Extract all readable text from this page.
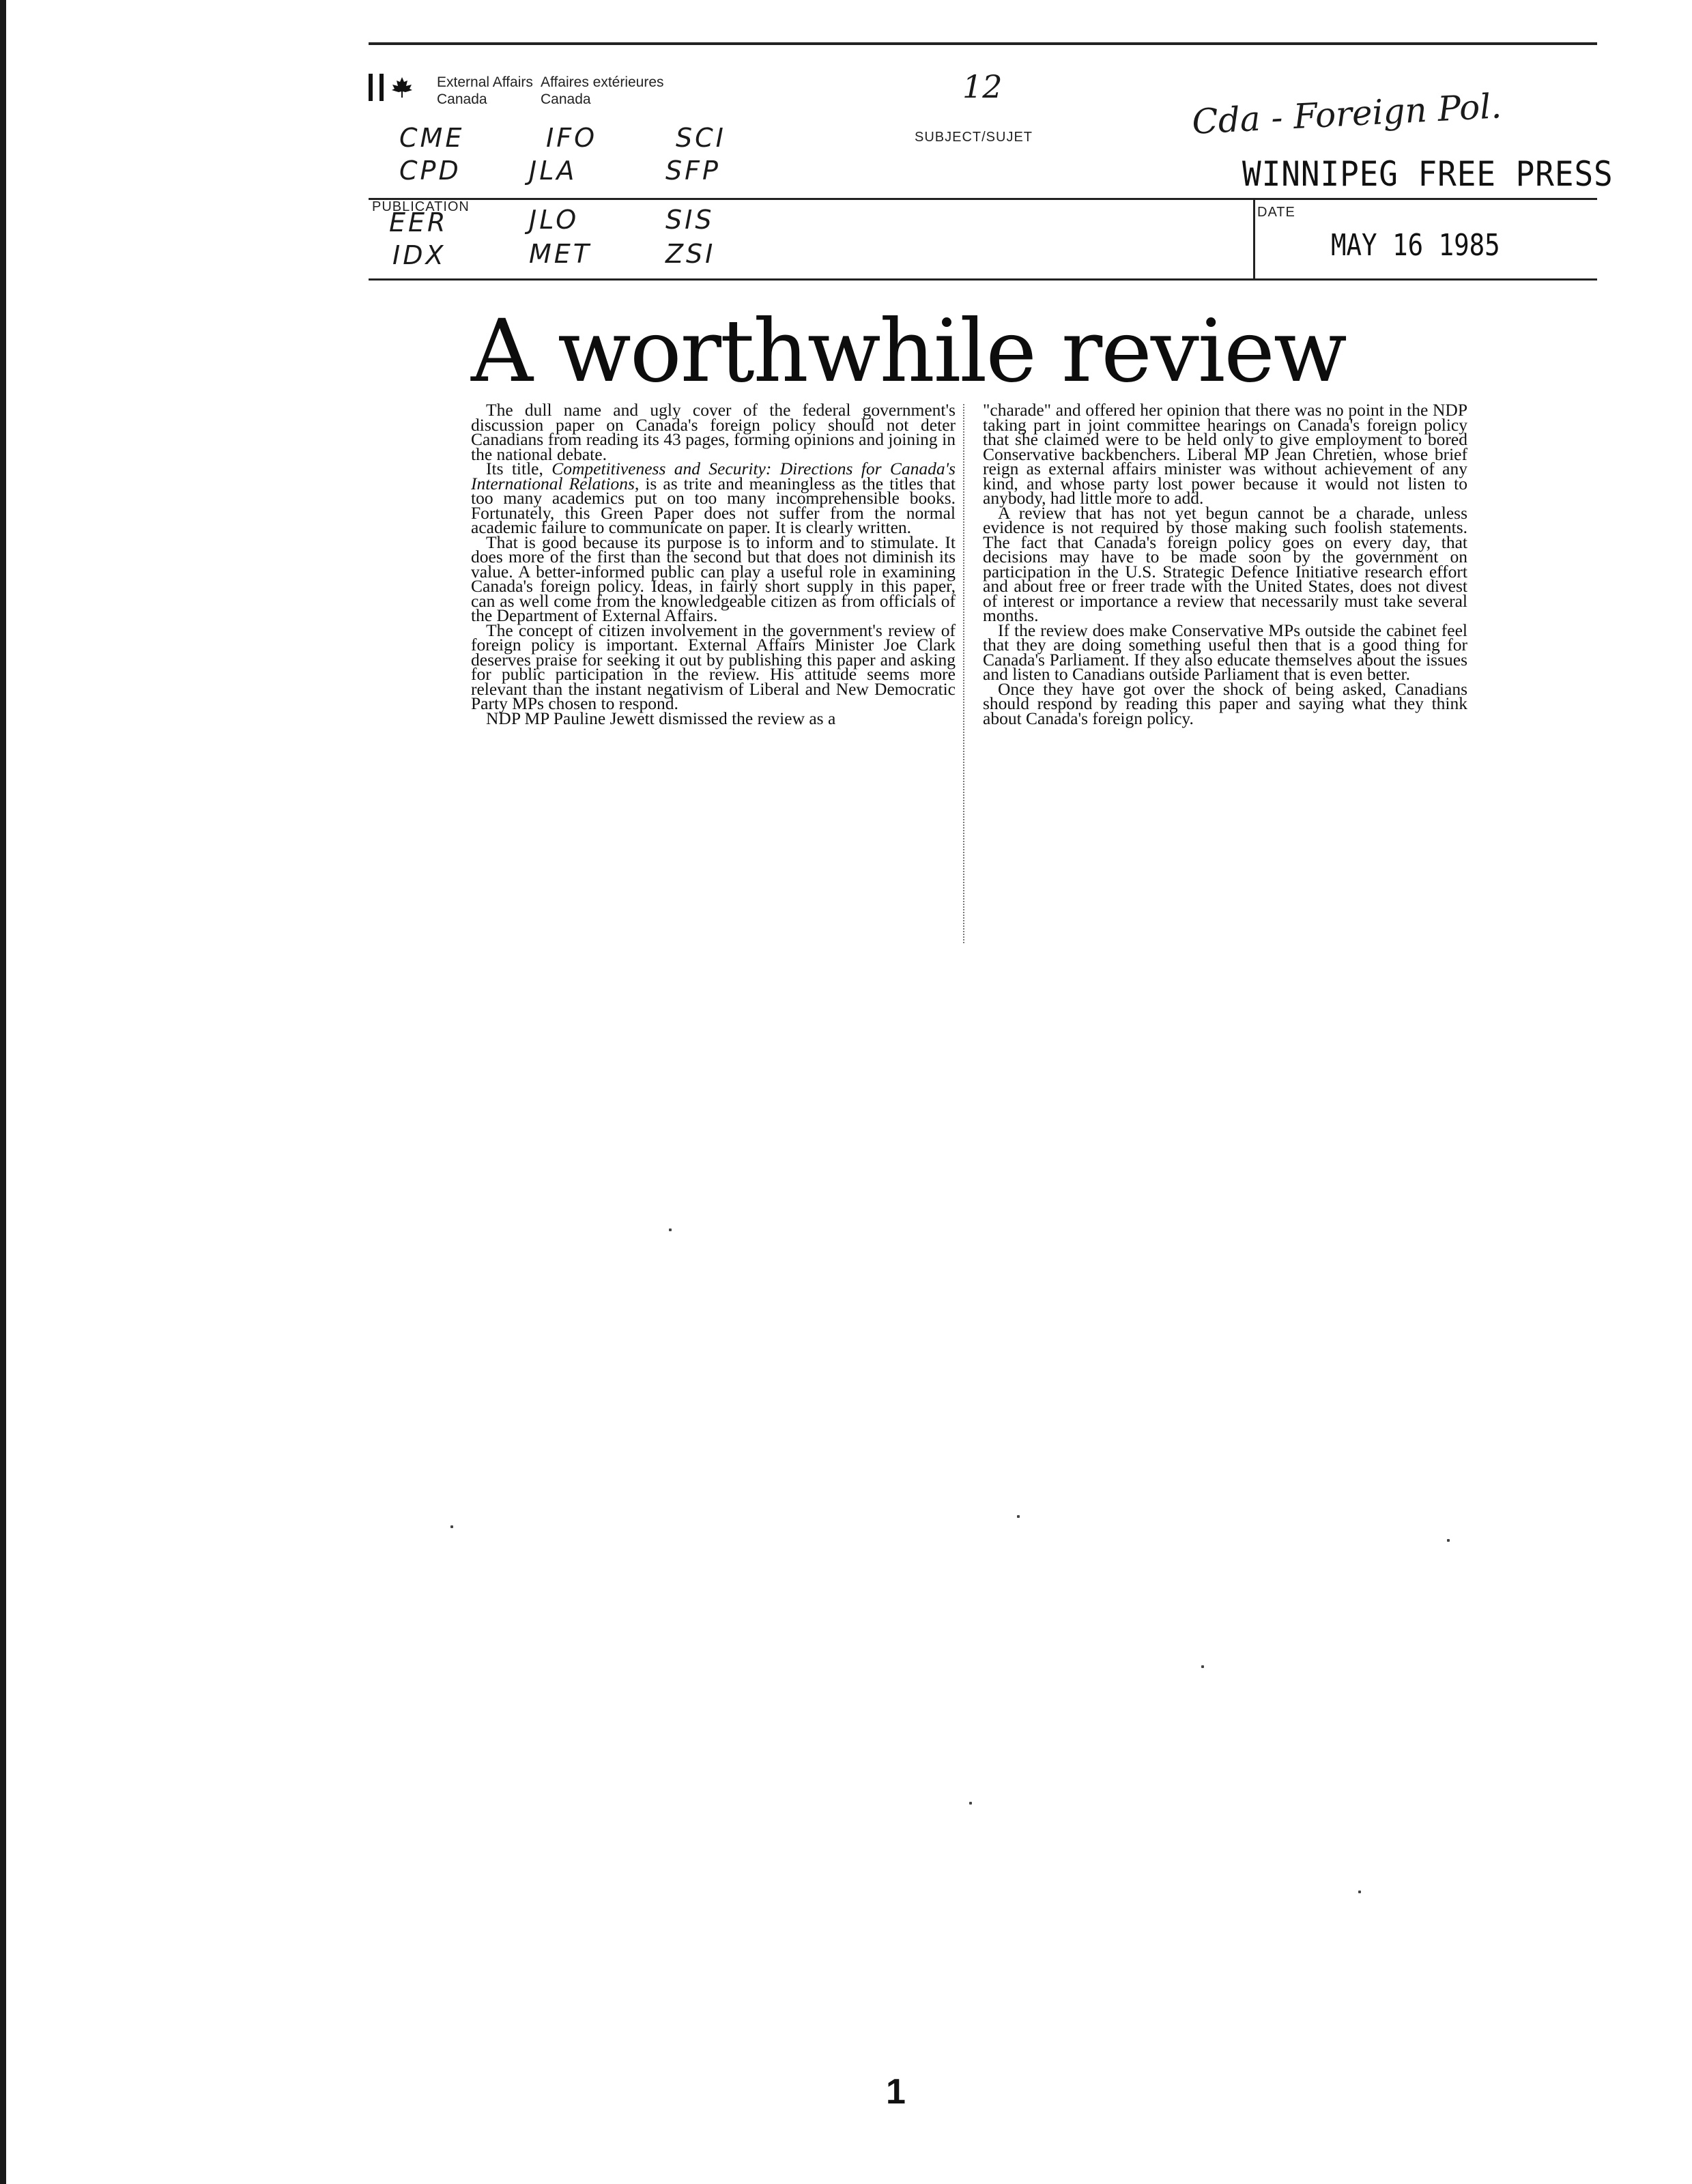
External Affairs
Canada
Affaires extérieures
Canada	12	Cda - Foreign Pol.
SUBJECT/SUJET
PUBLICATION	DATE
CME	IFO	SCI
CPD	JLA	SFP
EER	JLO	SIS
IDX	MET	ZSI
WINNIPEG FREE PRESS
MAY 16 1985
A worthwhile review

The dull name and ugly cover of the federal government's discussion paper on Canada's foreign policy should not deter Canadians from reading its 43 pages, forming opinions and joining in the national debate.

Its title, Competitiveness and Security: Directions for Canada's International Relations, is as trite and meaningless as the titles that too many academics put on too many incomprehensible books. Fortunately, this Green Paper does not suffer from the normal academic failure to communicate on paper. It is clearly written.

That is good because its purpose is to inform and to stimulate. It does more of the first than the second but that does not diminish its value. A better-informed public can play a useful role in examining Canada's foreign policy. Ideas, in fairly short supply in this paper, can as well come from the knowledgeable citizen as from officials of the Department of External Affairs.

The concept of citizen involvement in the government's review of foreign policy is important. External Affairs Minister Joe Clark deserves praise for seeking it out by publishing this paper and asking for public participation in the review. His attitude seems more relevant than the instant negativism of Liberal and New Democratic Party MPs chosen to respond.

NDP MP Pauline Jewett dismissed the review as a

"charade" and offered her opinion that there was no point in the NDP taking part in joint committee hearings on Canada's foreign policy that she claimed were to be held only to give employment to bored Conservative backbenchers. Liberal MP Jean Chretien, whose brief reign as external affairs minister was without achievement of any kind, and whose party lost power because it would not listen to anybody, had little more to add.

A review that has not yet begun cannot be a charade, unless evidence is not required by those making such foolish statements. The fact that Canada's foreign policy goes on every day, that decisions may have to be made soon by the government on participation in the U.S. Strategic Defence Initiative research effort and about free or freer trade with the United States, does not divest of interest or importance a review that necessarily must take several months.

If the review does make Conservative MPs outside the cabinet feel that they are doing something useful then that is a good thing for Canada's Parliament. If they also educate themselves about the issues and listen to Canadians outside Parliament that is even better.

Once they have got over the shock of being asked, Canadians should respond by reading this paper and saying what they think about Canada's foreign policy.

1
